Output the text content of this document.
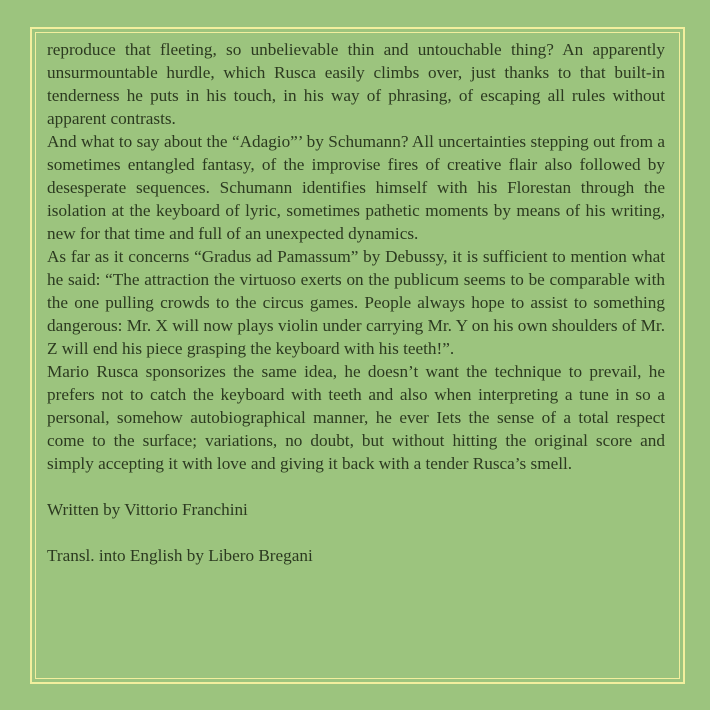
reproduce that fleeting, so unbelievable thin and untouchable thing? An apparently unsurmountable hurdle, which Rusca easily climbs over, just thanks to that built-in tenderness he puts in his touch, in his way of phrasing, of escaping all rules without apparent contrasts.

And what to say about the “Adagio”’ by Schumann? All uncertainties stepping out from a sometimes entangled fantasy, of the improvise fires of creative flair also followed by desesperate sequences. Schumann identifies himself with his Florestan through the isolation at the keyboard of lyric, sometimes pathetic moments by means of his writing, new for that time and full of an unexpected dynamics.

As far as it concerns “Gradus ad Pamassum” by Debussy, it is sufficient to mention what he said: “The attraction the virtuoso exerts on the publicum seems to be comparable with the one pulling crowds to the circus games. People always hope to assist to something dangerous: Mr. X will now plays violin under carrying Mr. Y on his own shoulders of Mr. Z will end his piece grasping the keyboard with his teeth!”.

Mario Rusca sponsorizes the same idea, he doesn’t want the technique to prevail, he prefers not to catch the keyboard with teeth and also when interpreting a tune in so a personal, somehow autobiographical manner, he ever Iets the sense of a total respect come to the surface; variations, no doubt, but without hitting the original score and simply accepting it with love and giving it back with a tender Rusca’s smell.

Written by Vittorio Franchini

Transl. into English by Libero Bregani
